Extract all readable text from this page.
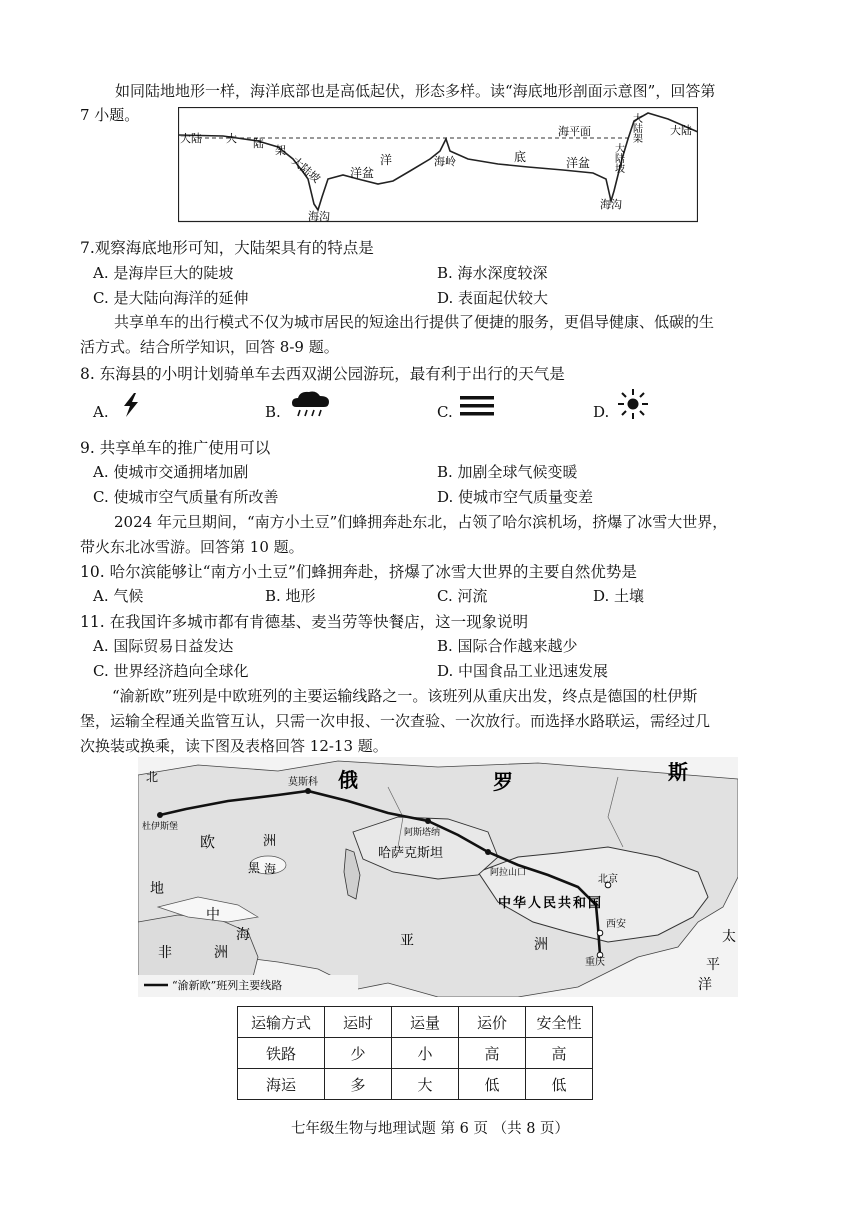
如同陆地地形一样，海洋底部也是高低起伏，形态多样。读“海底地形剖面示意图”，回答第
7 小题。
大陆 大 陆
架
大陆坡
海沟
洋盆
洋	海岭	底	洋盆
海平面	大陆架
大陆坡
海沟
大陆
7.观察海底地形可知，大陆架具有的特点是
A. 是海岸巨大的陡坡	B. 海水深度较深
C. 是大陆向海洋的延伸	D. 表面起伏较大
共享单车的出行模式不仅为城市居民的短途出行提供了便捷的服务，更倡导健康、低碳的生
活方式。结合所学知识，回答 8-9 题。
8. 东海县的小明计划骑单车去西双湖公园游玩，最有利于出行的天气是
A.	B.	C.	D.
9. 共享单车的推广使用可以
A. 使城市交通拥堵加剧	B. 加剧全球气候变暖
C. 使城市空气质量有所改善	D. 使城市空气质量变差
2024 年元旦期间，“南方小土豆”们蜂拥奔赴东北，占领了哈尔滨机场，挤爆了冰雪大世界，
带火东北冰雪游。回答第 10 题。
10. 哈尔滨能够让“南方小土豆”们蜂拥奔赴，挤爆了冰雪大世界的主要自然优势是
A. 气候	B. 地形	C. 河流	D. 土壤
11. 在我国许多城市都有肯德基、麦当劳等快餐店，这一现象说明
A. 国际贸易日益发达	B. 国际合作越来越少
C. 世界经济趋向全球化	D. 中国食品工业迅速发展
“渝新欧”班列是中欧班列的主要运输线路之一。该班列从重庆出发，终点是德国的杜伊斯
堡，运输全程通关监管互认，只需一次申报、一次查验、一次放行。而选择水路联运，需经过几
次换装或换乘，读下图及表格回答 12-13 题。
北	俄	罗	斯
莫斯科
杜伊斯堡
欧	洲
黑 海
地
中
海
非	洲
哈萨克斯坦
阿斯塔纳
阿拉山口
中华人民共和国
北京
西安
重庆
亚	洲	太
平
洋
“渝新欧”班列主要线路
运输方式	运时	运量	运价	安全性
铁路	少	小	高	高
海运	多	大	低	低
七年级生物与地理试题 第 6 页 （共 8 页）
